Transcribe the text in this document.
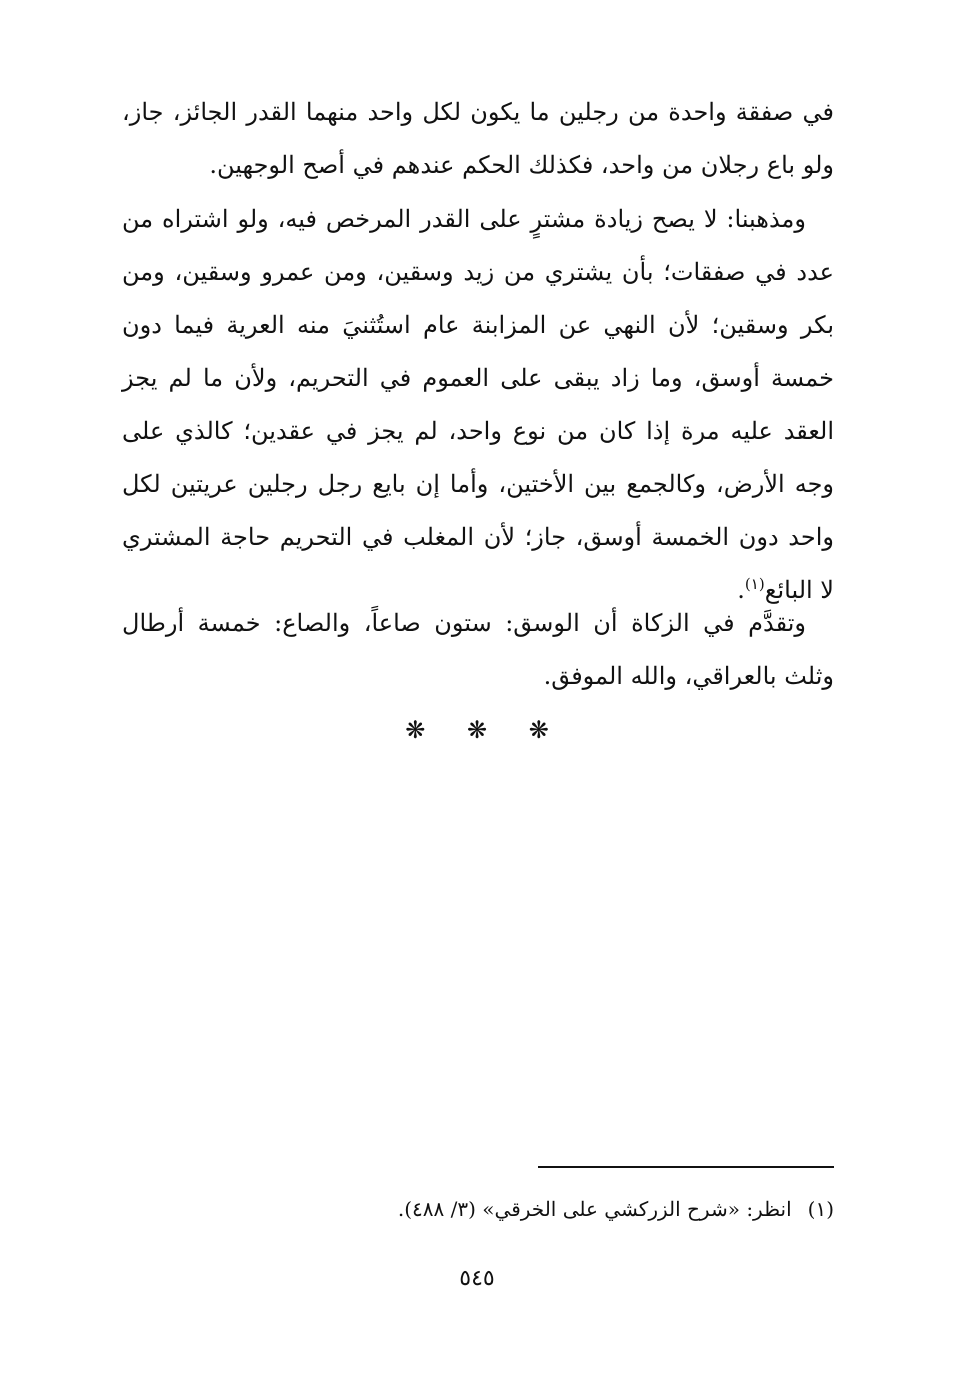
في صفقة واحدة من رجلين ما يكون لكل واحد منهما القدر الجائز، جاز، ولو باع رجلان من واحد، فكذلك الحكم عندهم في أصح الوجهين.

ومذهبنا: لا يصح زيادة مشترٍ على القدر المرخص فيه، ولو اشتراه من عدد في صفقات؛ بأن يشتري من زيد وسقين، ومن عمرو وسقين، ومن بكر وسقين؛ لأن النهي عن المزابنة عام استُثنيَ منه العرية فيما دون خمسة أوسق، وما زاد يبقى على العموم في التحريم، ولأن ما لم يجز العقد عليه مرة إذا كان من نوع واحد، لم يجز في عقدين؛ كالذي على وجه الأرض، وكالجمع بين الأختين، وأما إن بايع رجل رجلين عريتين لكل واحد دون الخمسة أوسق، جاز؛ لأن المغلب في التحريم حاجة المشتري لا البائع$^{(١)}$.

وتقدَّم في الزكاة أن الوسق: ستون صاعاً، والصاع: خمسة أرطال وثلث بالعراقي، والله الموفق.

❋ ❋ ❋
(١)انظر: «شرح الزركشي على الخرقي» (٣/ ٤٨٨).
٥٤٥
